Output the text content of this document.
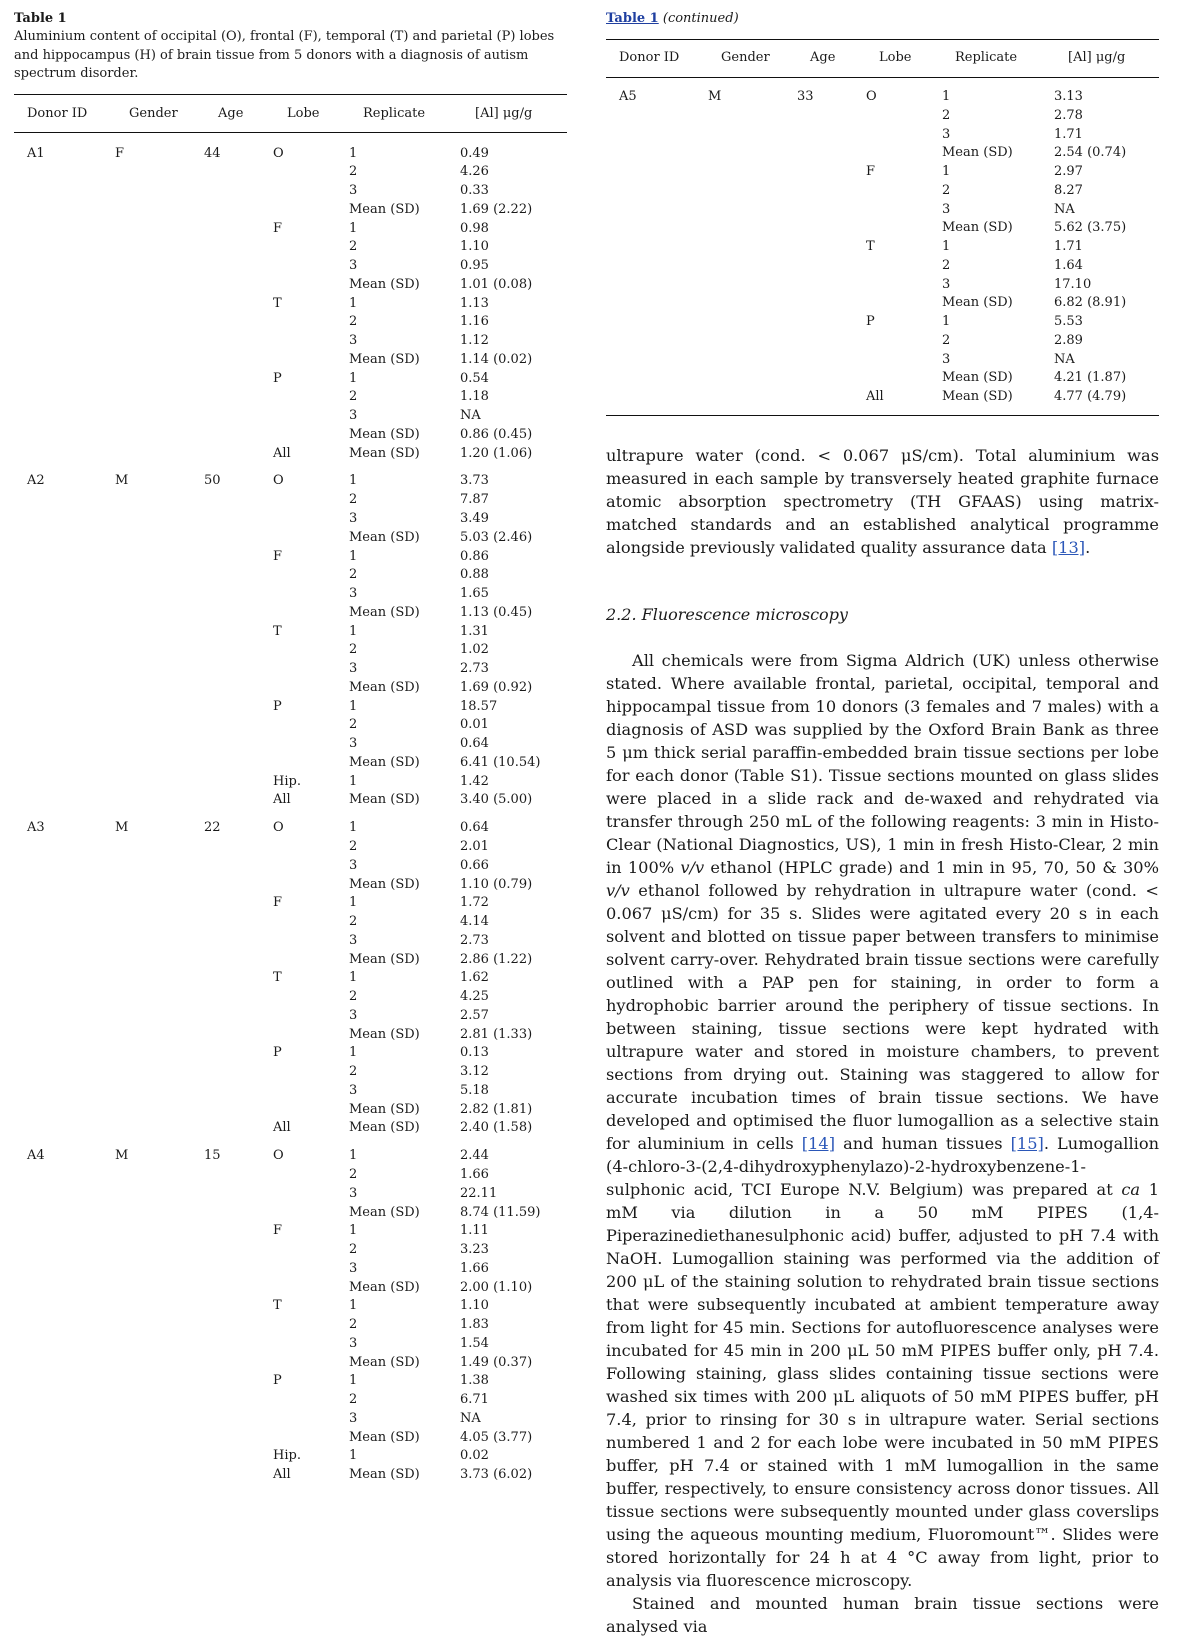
Table 1
Aluminium content of occipital (O), frontal (F), temporal (T) and parietal (P) lobes and hippocampus (H) of brain tissue from 5 donors with a diagnosis of autism spectrum disorder.
Donor ID	Gender	Age	Lobe	Replicate	[Al] μg/g
A1	F	44	O	1	0.49
				2	4.26
				3	0.33
				Mean (SD)	1.69 (2.22)
			F	1	0.98
				2	1.10
				3	0.95
				Mean (SD)	1.01 (0.08)
			T	1	1.13
				2	1.16
				3	1.12
				Mean (SD)	1.14 (0.02)
			P	1	0.54
				2	1.18
				3	NA
				Mean (SD)	0.86 (0.45)
			All	Mean (SD)	1.20 (1.06)
A2	M	50	O	1	3.73
				2	7.87
				3	3.49
				Mean (SD)	5.03 (2.46)
			F	1	0.86
				2	0.88
				3	1.65
				Mean (SD)	1.13 (0.45)
			T	1	1.31
				2	1.02
				3	2.73
				Mean (SD)	1.69 (0.92)
			P	1	18.57
				2	0.01
				3	0.64
				Mean (SD)	6.41 (10.54)
			Hip.	1	1.42
			All	Mean (SD)	3.40 (5.00)
A3	M	22	O	1	0.64
				2	2.01
				3	0.66
				Mean (SD)	1.10 (0.79)
			F	1	1.72
				2	4.14
				3	2.73
				Mean (SD)	2.86 (1.22)
			T	1	1.62
				2	4.25
				3	2.57
				Mean (SD)	2.81 (1.33)
			P	1	0.13
				2	3.12
				3	5.18
				Mean (SD)	2.82 (1.81)
			All	Mean (SD)	2.40 (1.58)
A4	M	15	O	1	2.44
				2	1.66
				3	22.11
				Mean (SD)	8.74 (11.59)
			F	1	1.11
				2	3.23
				3	1.66
				Mean (SD)	2.00 (1.10)
			T	1	1.10
				2	1.83
				3	1.54
				Mean (SD)	1.49 (0.37)
			P	1	1.38
				2	6.71
				3	NA
				Mean (SD)	4.05 (3.77)
			Hip.	1	0.02
			All	Mean (SD)	3.73 (6.02)
Table 1 (continued)
Donor ID	Gender	Age	Lobe	Replicate	[Al] μg/g
A5	M	33	O	1	3.13
				2	2.78
				3	1.71
				Mean (SD)	2.54 (0.74)
			F	1	2.97
				2	8.27
				3	NA
				Mean (SD)	5.62 (3.75)
			T	1	1.71
				2	1.64
				3	17.10
				Mean (SD)	6.82 (8.91)
			P	1	5.53
				2	2.89
				3	NA
				Mean (SD)	4.21 (1.87)
			All	Mean (SD)	4.77 (4.79)
ultrapure water (cond. < 0.067 μS/cm). Total aluminium was measured in each sample by transversely heated graphite furnace atomic absorption spectrometry (TH GFAAS) using matrix-matched standards and an established analytical programme alongside previously validated quality assurance data [13].
2.2. Fluorescence microscopy
All chemicals were from Sigma Aldrich (UK) unless otherwise stated. Where available frontal, parietal, occipital, temporal and hippocampal tissue from 10 donors (3 females and 7 males) with a diagnosis of ASD was supplied by the Oxford Brain Bank as three 5 μm thick serial paraffin-embedded brain tissue sections per lobe for each donor (Table S1). Tissue sections mounted on glass slides were placed in a slide rack and de-waxed and rehydrated via transfer through 250 mL of the following reagents: 3 min in Histo-Clear (National Diagnostics, US), 1 min in fresh Histo-Clear, 2 min in 100% v/v ethanol (HPLC grade) and 1 min in 95, 70, 50 & 30% v/v ethanol followed by rehydration in ultrapure water (cond. < 0.067 μS/cm) for 35 s. Slides were agitated every 20 s in each solvent and blotted on tissue paper between transfers to minimise solvent carry-over. Rehydrated brain tissue sections were carefully outlined with a PAP pen for staining, in order to form a hydrophobic barrier around the periphery of tissue sections. In between staining, tissue sections were kept hydrated with ultrapure water and stored in moisture chambers, to prevent sections from drying out. Staining was staggered to allow for accurate incubation times of brain tissue sections. We have developed and optimised the fluor lumogallion as a selective stain for aluminium in cells [14] and human tissues [15]. Lumogallion (4-chloro-3-(2,4-dihydroxyphenylazo)-2-hydroxybenzene-1-sulphonic acid, TCI Europe N.V. Belgium) was prepared at ca 1 mM via dilution in a 50 mM PIPES (1,4-Piperazinediethanesulphonic acid) buffer, adjusted to pH 7.4 with NaOH. Lumogallion staining was performed via the addition of 200 μL of the staining solution to rehydrated brain tissue sections that were subsequently incubated at ambient temperature away from light for 45 min. Sections for autofluorescence analyses were incubated for 45 min in 200 μL 50 mM PIPES buffer only, pH 7.4. Following staining, glass slides containing tissue sections were washed six times with 200 μL aliquots of 50 mM PIPES buffer, pH 7.4, prior to rinsing for 30 s in ultrapure water. Serial sections numbered 1 and 2 for each lobe were incubated in 50 mM PIPES buffer, pH 7.4 or stained with 1 mM lumogallion in the same buffer, respectively, to ensure consistency across donor tissues. All tissue sections were subsequently mounted under glass coverslips using the aqueous mounting medium, Fluoromount™. Slides were stored horizontally for 24 h at 4 °C away from light, prior to analysis via fluorescence microscopy.
Stained and mounted human brain tissue sections were analysed via
